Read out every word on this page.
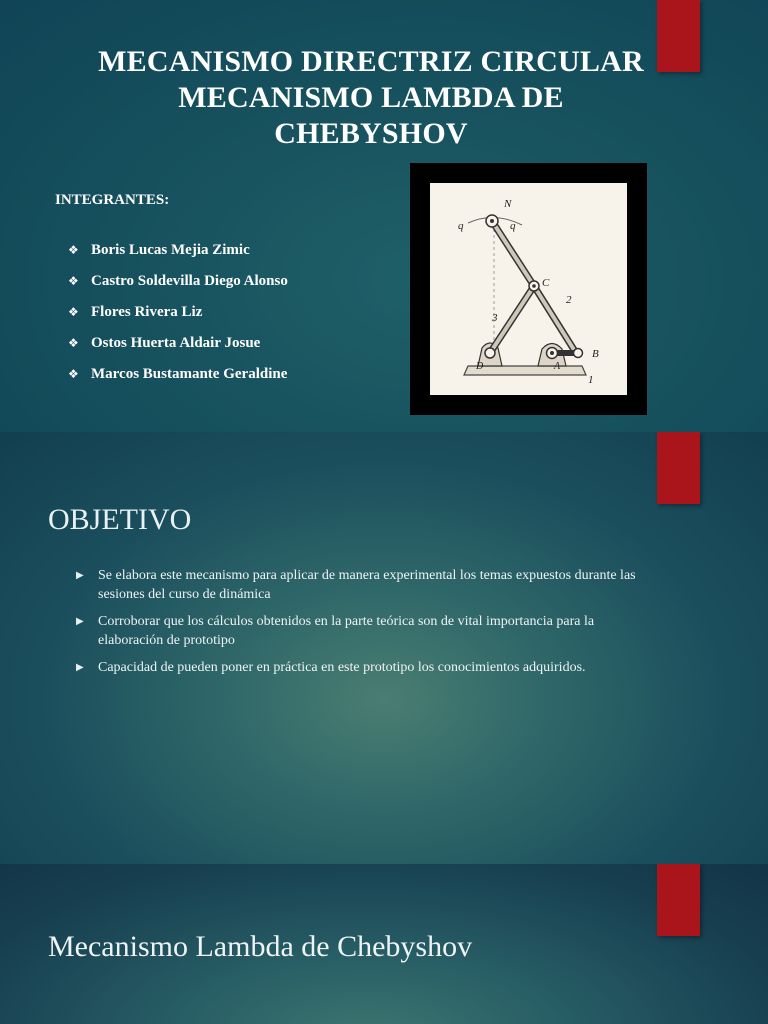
MECANISMO DIRECTRIZ CIRCULAR
MECANISMO LAMBDA DE
CHEBYSHOV
INTEGRANTES:
❖ Boris Lucas Mejia Zimic
❖ Castro Soldevilla Diego Alonso
❖ Flores Rivera Liz
❖ Ostos Huerta Aldair Josue
❖ Marcos Bustamante Geraldine
N
q	q
C
2
3
B
A
D
1
OBJETIVO
▶	Se elabora este mecanismo para aplicar de manera experimental los temas expuestos durante las sesiones del curso de dinámica
▶	Corroborar que los cálculos obtenidos en la parte teórica son de vital importancia para la elaboración de prototipo
▶	Capacidad de pueden poner en práctica en este prototipo los conocimientos adquiridos.
Mecanismo Lambda de Chebyshov
